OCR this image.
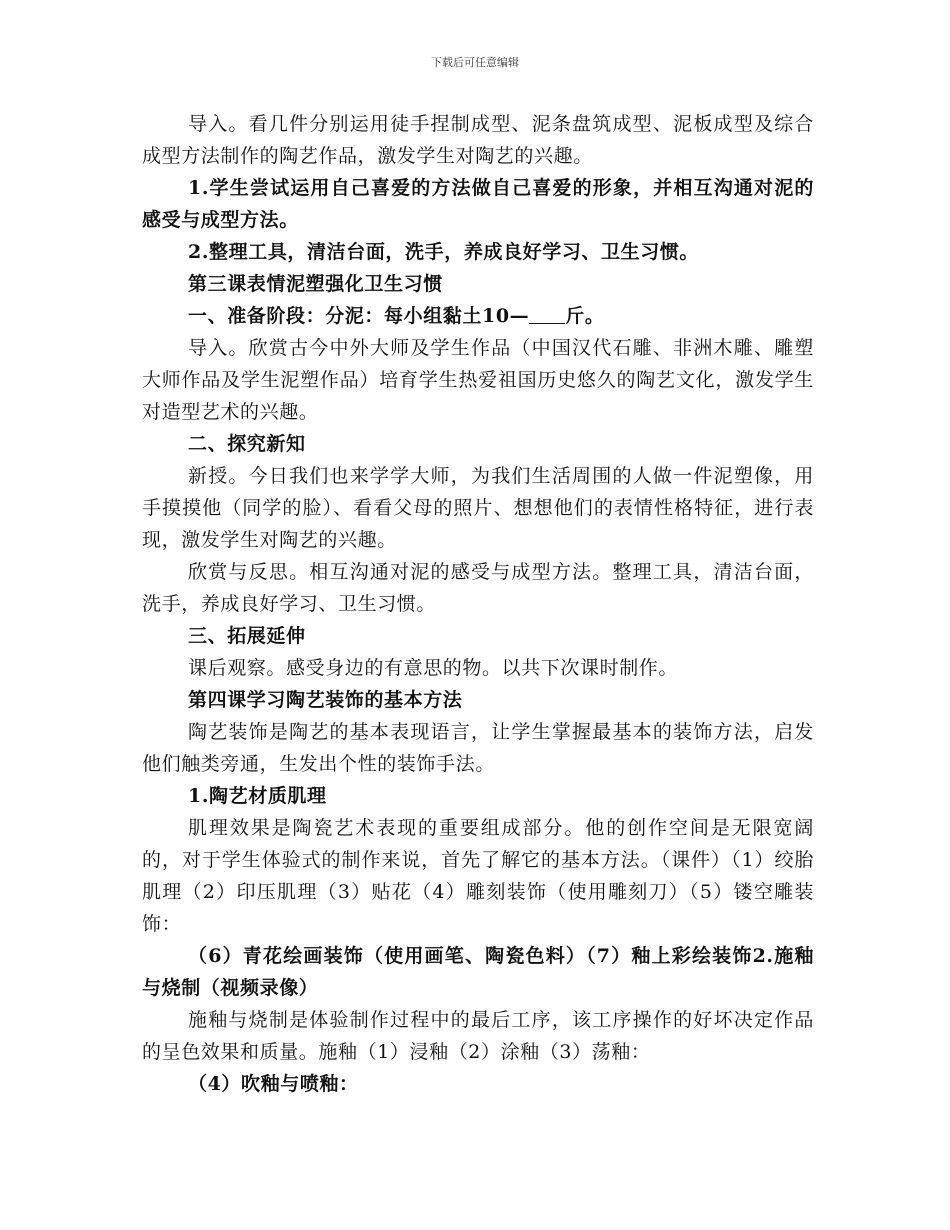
下载后可任意编辑

导入。看几件分别运用徒手捏制成型、泥条盘筑成型、泥板成型及综合成型方法制作的陶艺作品，激发学生对陶艺的兴趣。

1.学生尝试运用自己喜爱的方法做自己喜爱的形象，并相互沟通对泥的感受与成型方法。

2.整理工具，清洁台面，洗手，养成良好学习、卫生习惯。

第三课表情泥塑强化卫生习惯

一、准备阶段：分泥：每小组黏土10— 斤。

导入。欣赏古今中外大师及学生作品（中国汉代石雕、非洲木雕、雕塑大师作品及学生泥塑作品）培育学生热爱祖国历史悠久的陶艺文化，激发学生对造型艺术的兴趣。

二、探究新知

新授。今日我们也来学学大师，为我们生活周围的人做一件泥塑像，用手摸摸他（同学的脸）、看看父母的照片、想想他们的表情性格特征，进行表现，激发学生对陶艺的兴趣。

欣赏与反思。相互沟通对泥的感受与成型方法。整理工具，清洁台面，洗手，养成良好学习、卫生习惯。

三、拓展延伸

课后观察。感受身边的有意思的物。以共下次课时制作。

第四课学习陶艺装饰的基本方法

陶艺装饰是陶艺的基本表现语言，让学生掌握最基本的装饰方法，启发他们触类旁通，生发出个性的装饰手法。

1.陶艺材质肌理

肌理效果是陶瓷艺术表现的重要组成部分。他的创作空间是无限宽阔的，对于学生体验式的制作来说，首先了解它的基本方法。（课件）（1）绞胎肌理（2）印压肌理（3）贴花（4）雕刻装饰（使用雕刻刀）（5）镂空雕装饰：

（6）青花绘画装饰（使用画笔、陶瓷色料）（7）釉上彩绘装饰2.施釉与烧制（视频录像）

施釉与烧制是体验制作过程中的最后工序，该工序操作的好坏决定作品的呈色效果和质量。施釉（1）浸釉（2）涂釉（3）荡釉：

（4）吹釉与喷釉：
